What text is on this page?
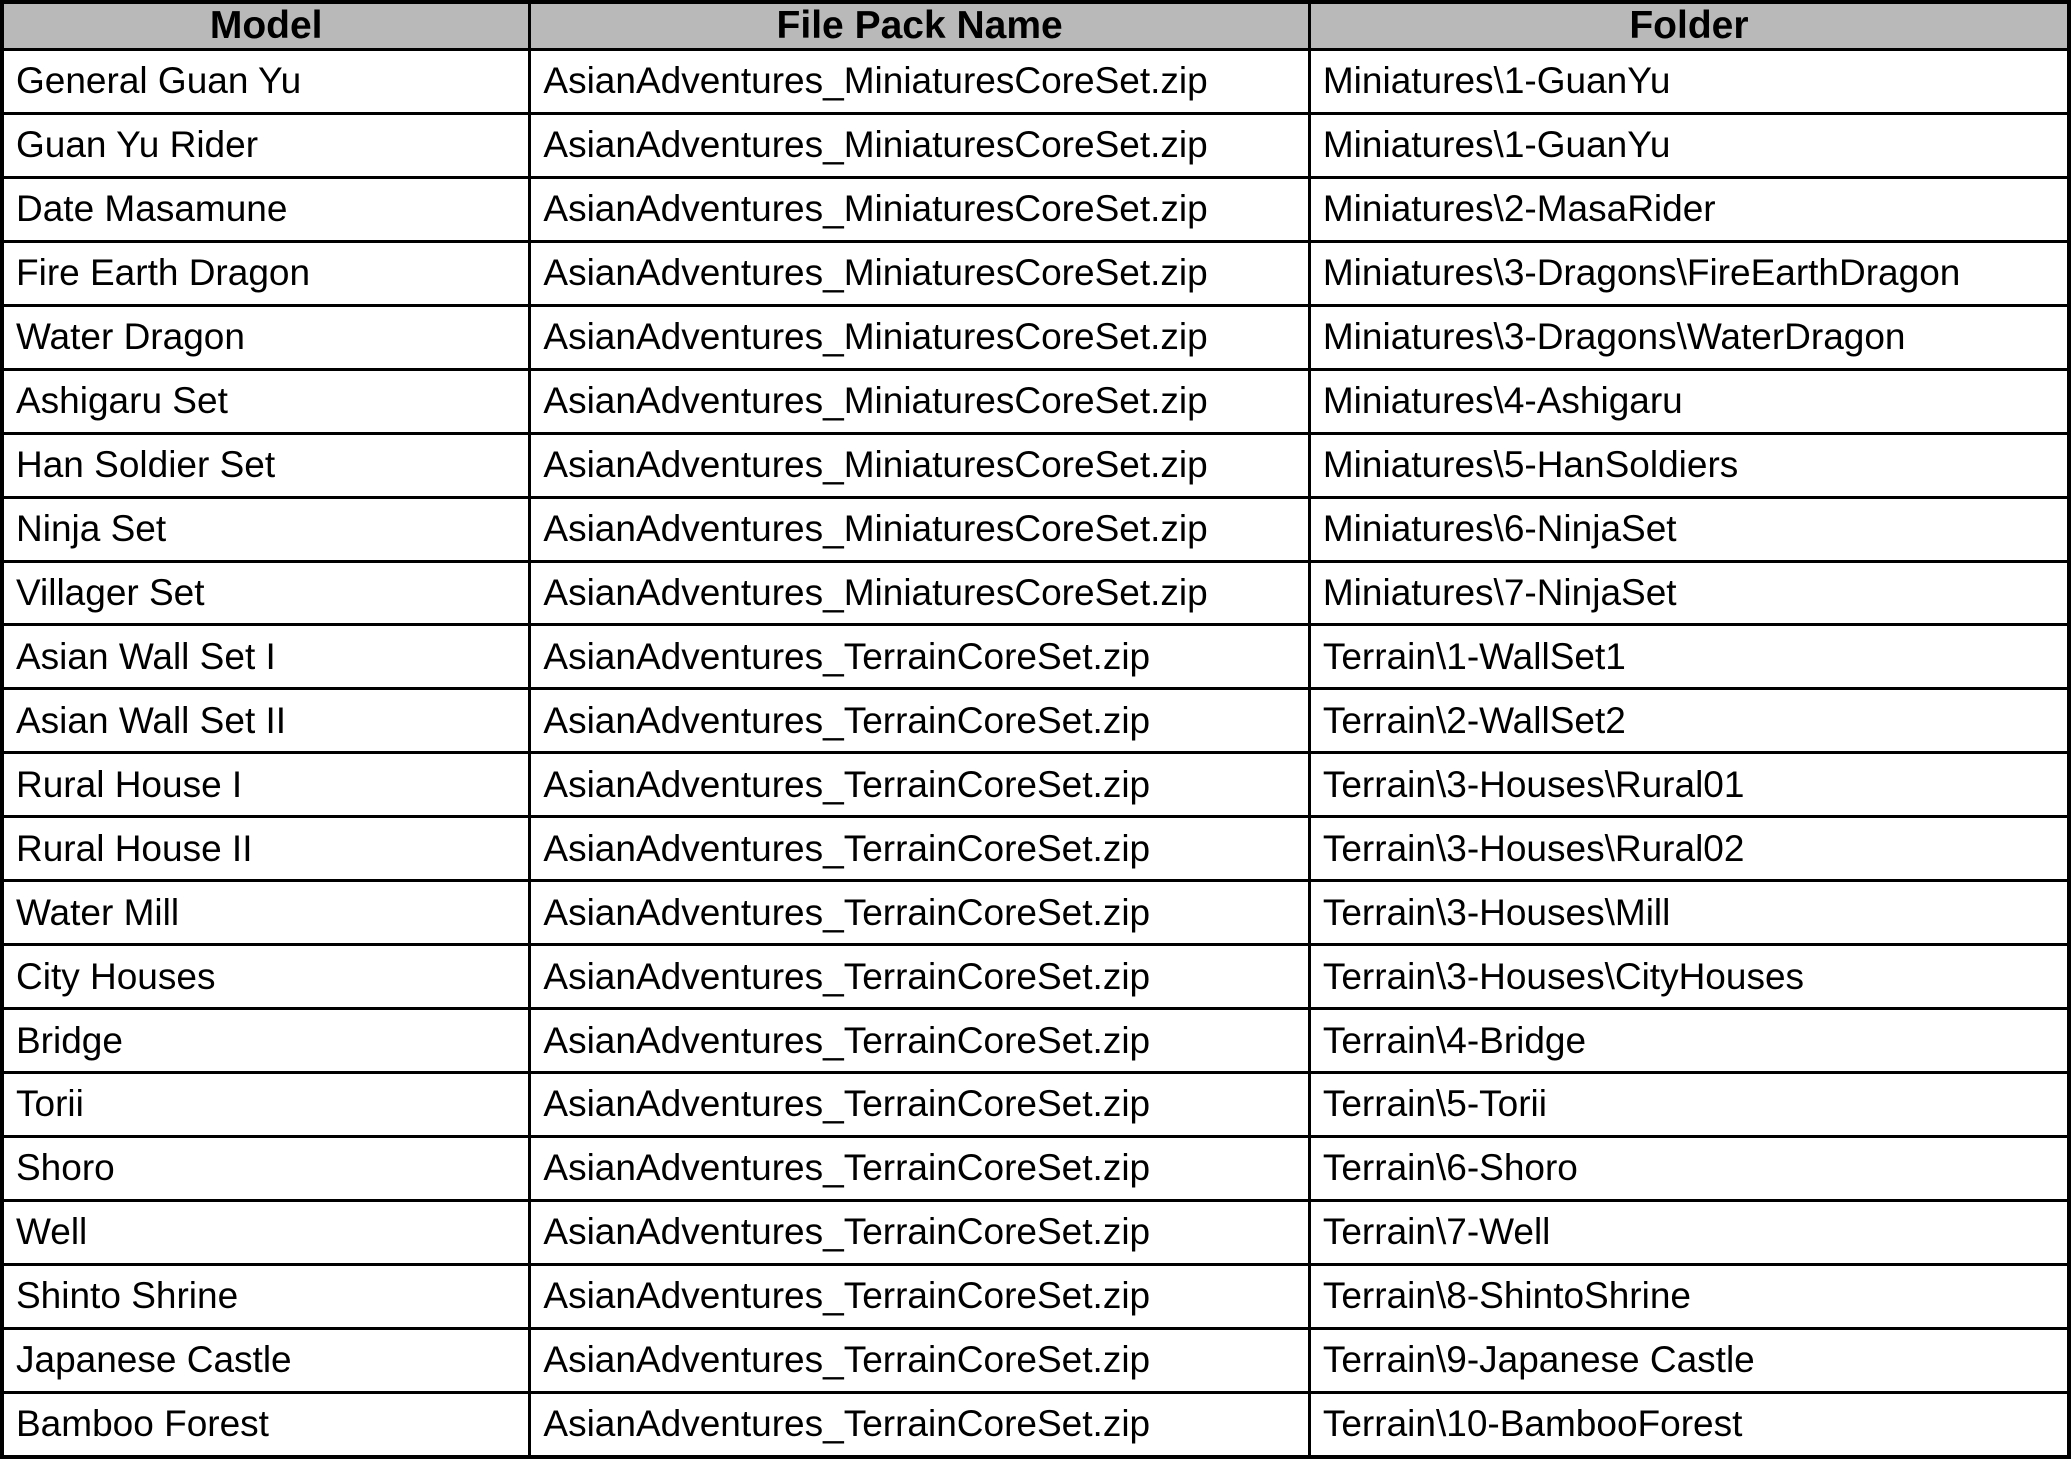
Model	File Pack Name	Folder
General Guan Yu	AsianAdventures_MiniaturesCoreSet.zip	Miniatures\1-GuanYu
Guan Yu Rider	AsianAdventures_MiniaturesCoreSet.zip	Miniatures\1-GuanYu
Date Masamune	AsianAdventures_MiniaturesCoreSet.zip	Miniatures\2-MasaRider
Fire Earth Dragon	AsianAdventures_MiniaturesCoreSet.zip	Miniatures\3-Dragons\FireEarthDragon
Water Dragon	AsianAdventures_MiniaturesCoreSet.zip	Miniatures\3-Dragons\WaterDragon
Ashigaru Set	AsianAdventures_MiniaturesCoreSet.zip	Miniatures\4-Ashigaru
Han Soldier Set	AsianAdventures_MiniaturesCoreSet.zip	Miniatures\5-HanSoldiers
Ninja Set	AsianAdventures_MiniaturesCoreSet.zip	Miniatures\6-NinjaSet
Villager Set	AsianAdventures_MiniaturesCoreSet.zip	Miniatures\7-NinjaSet
Asian Wall Set I	AsianAdventures_TerrainCoreSet.zip	Terrain\1-WallSet1
Asian Wall Set II	AsianAdventures_TerrainCoreSet.zip	Terrain\2-WallSet2
Rural House I	AsianAdventures_TerrainCoreSet.zip	Terrain\3-Houses\Rural01
Rural House II	AsianAdventures_TerrainCoreSet.zip	Terrain\3-Houses\Rural02
Water Mill	AsianAdventures_TerrainCoreSet.zip	Terrain\3-Houses\Mill
City Houses	AsianAdventures_TerrainCoreSet.zip	Terrain\3-Houses\CityHouses
Bridge	AsianAdventures_TerrainCoreSet.zip	Terrain\4-Bridge
Torii	AsianAdventures_TerrainCoreSet.zip	Terrain\5-Torii
Shoro	AsianAdventures_TerrainCoreSet.zip	Terrain\6-Shoro
Well	AsianAdventures_TerrainCoreSet.zip	Terrain\7-Well
Shinto Shrine	AsianAdventures_TerrainCoreSet.zip	Terrain\8-ShintoShrine
Japanese Castle	AsianAdventures_TerrainCoreSet.zip	Terrain\9-Japanese Castle
Bamboo Forest	AsianAdventures_TerrainCoreSet.zip	Terrain\10-BambooForest
